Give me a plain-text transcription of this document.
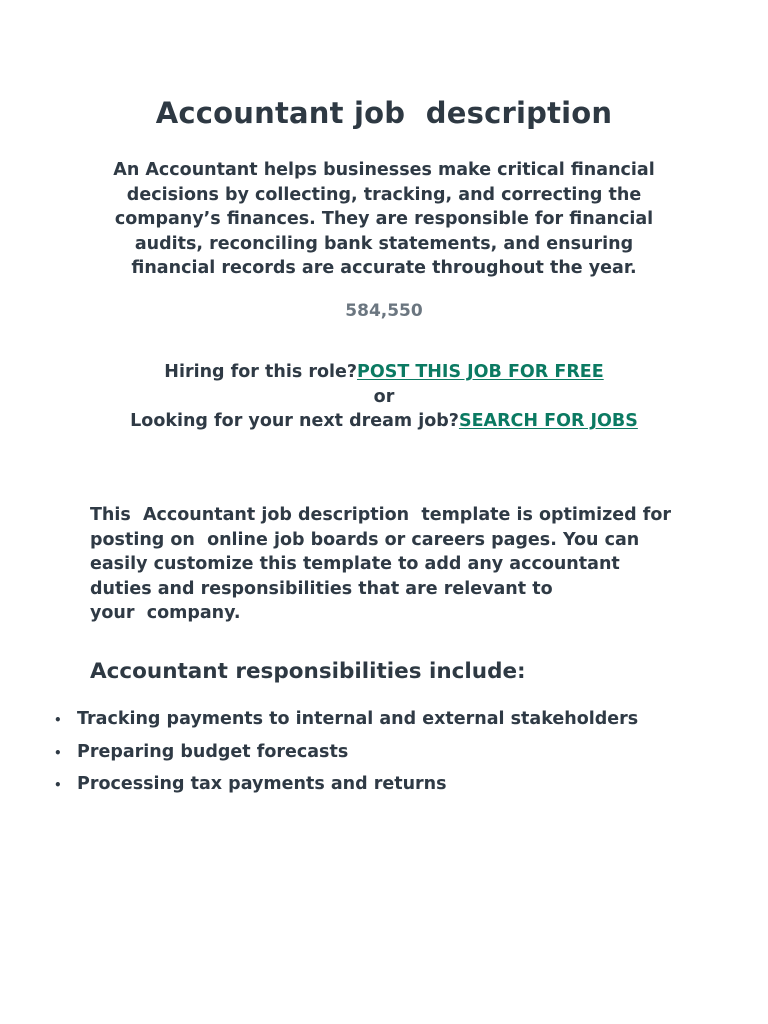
Accountant job  description
An Accountant helps businesses make critical financial
decisions by collecting, tracking, and correcting the
company’s finances. They are responsible for financial
audits, reconciling bank statements, and ensuring
financial records are accurate throughout the year.
584,550
Hiring for this role?POST THIS JOB FOR FREE
or
Looking for your next dream job?SEARCH FOR JOBS
This  Accountant job description  template is optimized for
posting on  online job boards or careers pages. You can
easily customize this template to add any accountant
duties and responsibilities that are relevant to
your  company.
Accountant responsibilities include:
• Tracking payments to internal and external stakeholders
• Preparing budget forecasts
• Processing tax payments and returns
